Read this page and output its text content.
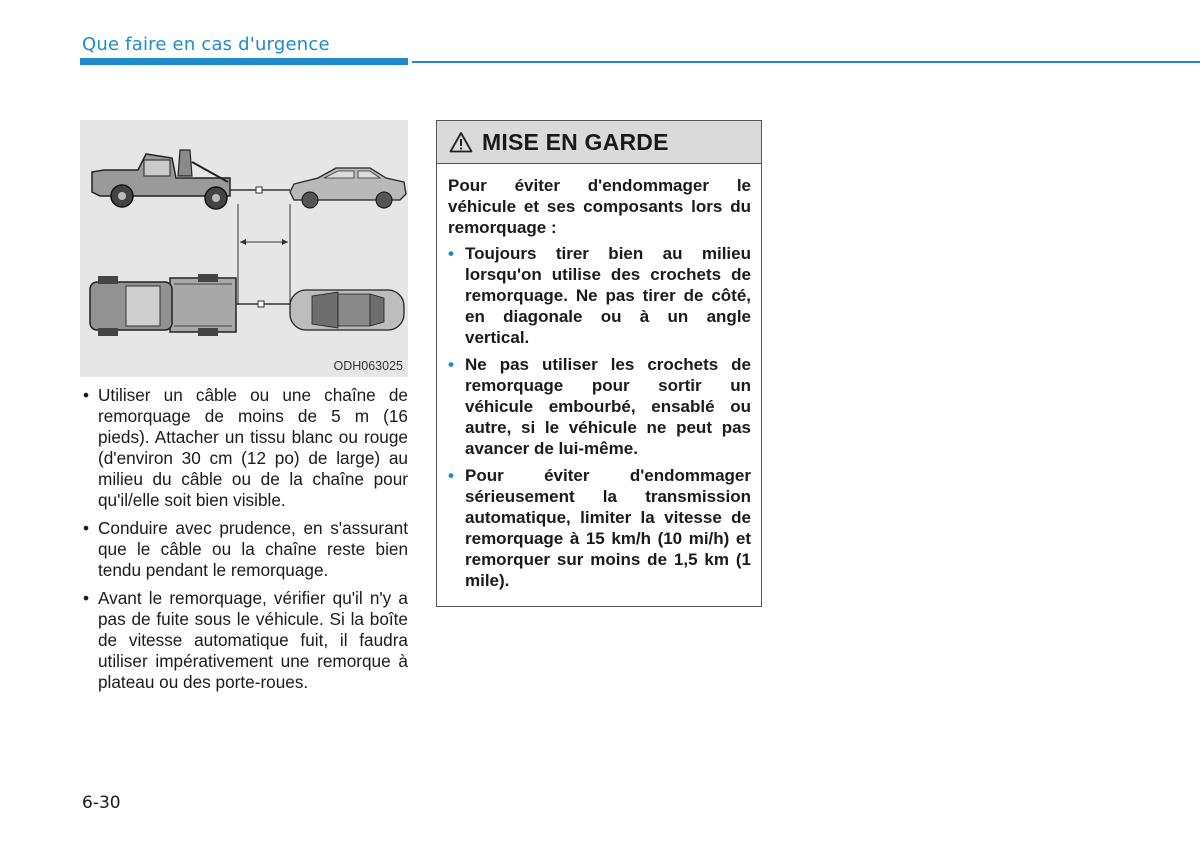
Que faire en cas d'urgence
ODH063025
• Utiliser un câble ou une chaîne de remorquage de moins de 5 m (16 pieds). Attacher un tissu blanc ou rouge (d'environ 30 cm (12 po) de large) au milieu du câble ou de la chaîne pour qu'il/elle soit bien visible.
• Conduire avec prudence, en s'assurant que le câble ou la chaîne reste bien tendu pendant le remorquage.
• Avant le remorquage, vérifier qu'il n'y a pas de fuite sous le véhicule. Si la boîte de vitesse automatique fuit, il faudra utiliser impérativement une remorque à plateau ou des porte-roues.
MISE EN GARDE

Pour éviter d'endommager le véhicule et ses composants lors du remorquage :

• Toujours tirer bien au milieu lorsqu'on utilise des crochets de remorquage. Ne pas tirer de côté, en diagonale ou à un angle vertical.
• Ne pas utiliser les crochets de remorquage pour sortir un véhicule embourbé, ensablé ou autre, si le véhicule ne peut pas avancer de lui-même.
• Pour éviter d'endommager sérieusement la transmission automatique, limiter la vitesse de remorquage à 15 km/h (10 mi/h) et remorquer sur moins de 1,5 km (1 mile).
6-30
